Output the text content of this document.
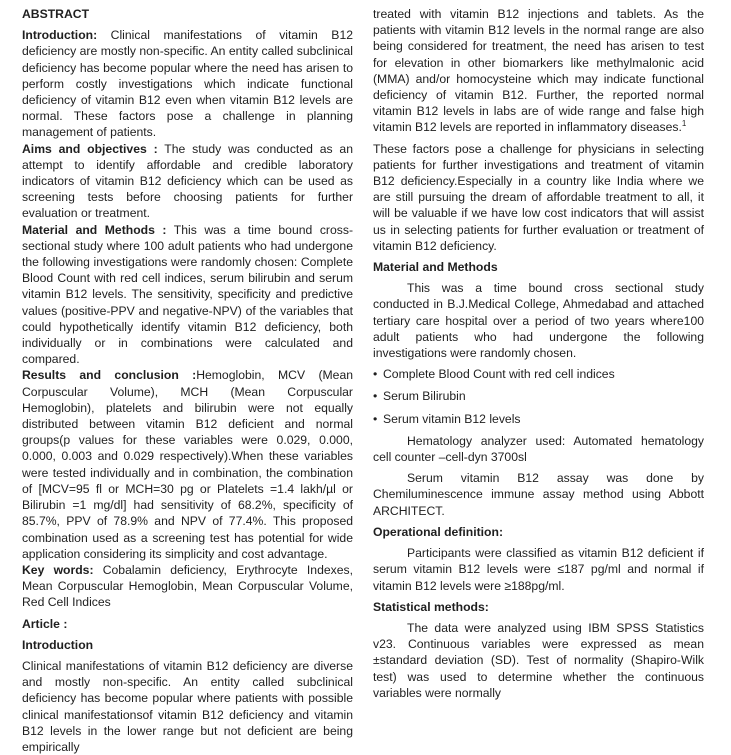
ABSTRACT

Introduction: Clinical manifestations of vitamin B12 deficiency are mostly non-specific. An entity called subclinical deficiency has become popular where the need has arisen to perform costly investigations which indicate functional deficiency of vitamin B12 even when vitamin B12 levels are normal. These factors pose a challenge in planning management of patients.

Aims and objectives : The study was conducted as an attempt to identify affordable and credible laboratory indicators of vitamin B12 deficiency which can be used as screening tests before choosing patients for further evaluation or treatment.

Material and Methods : This was a time bound cross-sectional study where 100 adult patients who had undergone the following investigations were randomly chosen: Complete Blood Count with red cell indices, serum bilirubin and serum vitamin B12 levels. The sensitivity, specificity and predictive values (positive-PPV and negative-NPV) of the variables that could hypothetically identify vitamin B12 deficiency, both individually or in combinations were calculated and compared.

Results and conclusion :Hemoglobin, MCV (Mean Corpuscular Volume), MCH (Mean Corpuscular Hemoglobin), platelets and bilirubin were not equally distributed between vitamin B12 deficient and normal groups(p values for these variables were 0.029, 0.000, 0.000, 0.003 and 0.029 respectively).When these variables were tested individually and in combination, the combination of [MCV=95 fl or MCH=30 pg or Platelets =1.4 lakh/µl or Bilirubin =1 mg/dl] had sensitivity of 68.2%, specificity of 85.7%, PPV of 78.9% and NPV of 77.4%. This proposed combination used as a screening test has potential for wide application considering its simplicity and cost advantage.

Key words: Cobalamin deficiency, Erythrocyte Indexes, Mean Corpuscular Hemoglobin, Mean Corpuscular Volume, Red Cell Indices

Article :

Introduction

Clinical manifestations of vitamin B12 deficiency are diverse and mostly non-specific. An entity called subclinical deficiency has become popular where patients with possible clinical manifestationsof vitamin B12 deficiency and vitamin B12 levels in the lower range but not deficient are being empirically

treated with vitamin B12 injections and tablets. As the patients with vitamin B12 levels in the normal range are also being considered for treatment, the need has arisen to test for elevation in other biomarkers like methylmalonic acid (MMA) and/or homocysteine which may indicate functional deficiency of vitamin B12. Further, the reported normal vitamin B12 levels in labs are of wide range and false high vitamin B12 levels are reported in inflammatory diseases.$^1$

These factors pose a challenge for physicians in selecting patients for further investigations and treatment of vitamin B12 deficiency.Especially in a country like India where we are still pursuing the dream of affordable treatment to all, it will be valuable if we have low cost indicators that will assist us in selecting patients for further evaluation or treatment of vitamin B12 deficiency.

Material and Methods

This was a time bound cross sectional study conducted in B.J.Medical College, Ahmedabad and attached tertiary care hospital over a period of two years where100 adult patients who had undergone the following investigations were randomly chosen.

• Complete Blood Count with red cell indices
• Serum Bilirubin
• Serum vitamin B12 levels

Hematology analyzer used: Automated hematology cell counter –cell-dyn 3700sl

Serum vitamin B12 assay was done by Chemiluminescence immune assay method using Abbott ARCHITECT.

Operational definition:

Participants were classified as vitamin B12 deficient if serum vitamin B12 levels were ≤187 pg/ml and normal if vitamin B12 levels were ≥188pg/ml.

Statistical methods:

The data were analyzed using IBM SPSS Statistics v23. Continuous variables were expressed as mean ±standard deviation (SD). Test of normality (Shapiro-Wilk test) was used to determine whether the continuous variables were normally
